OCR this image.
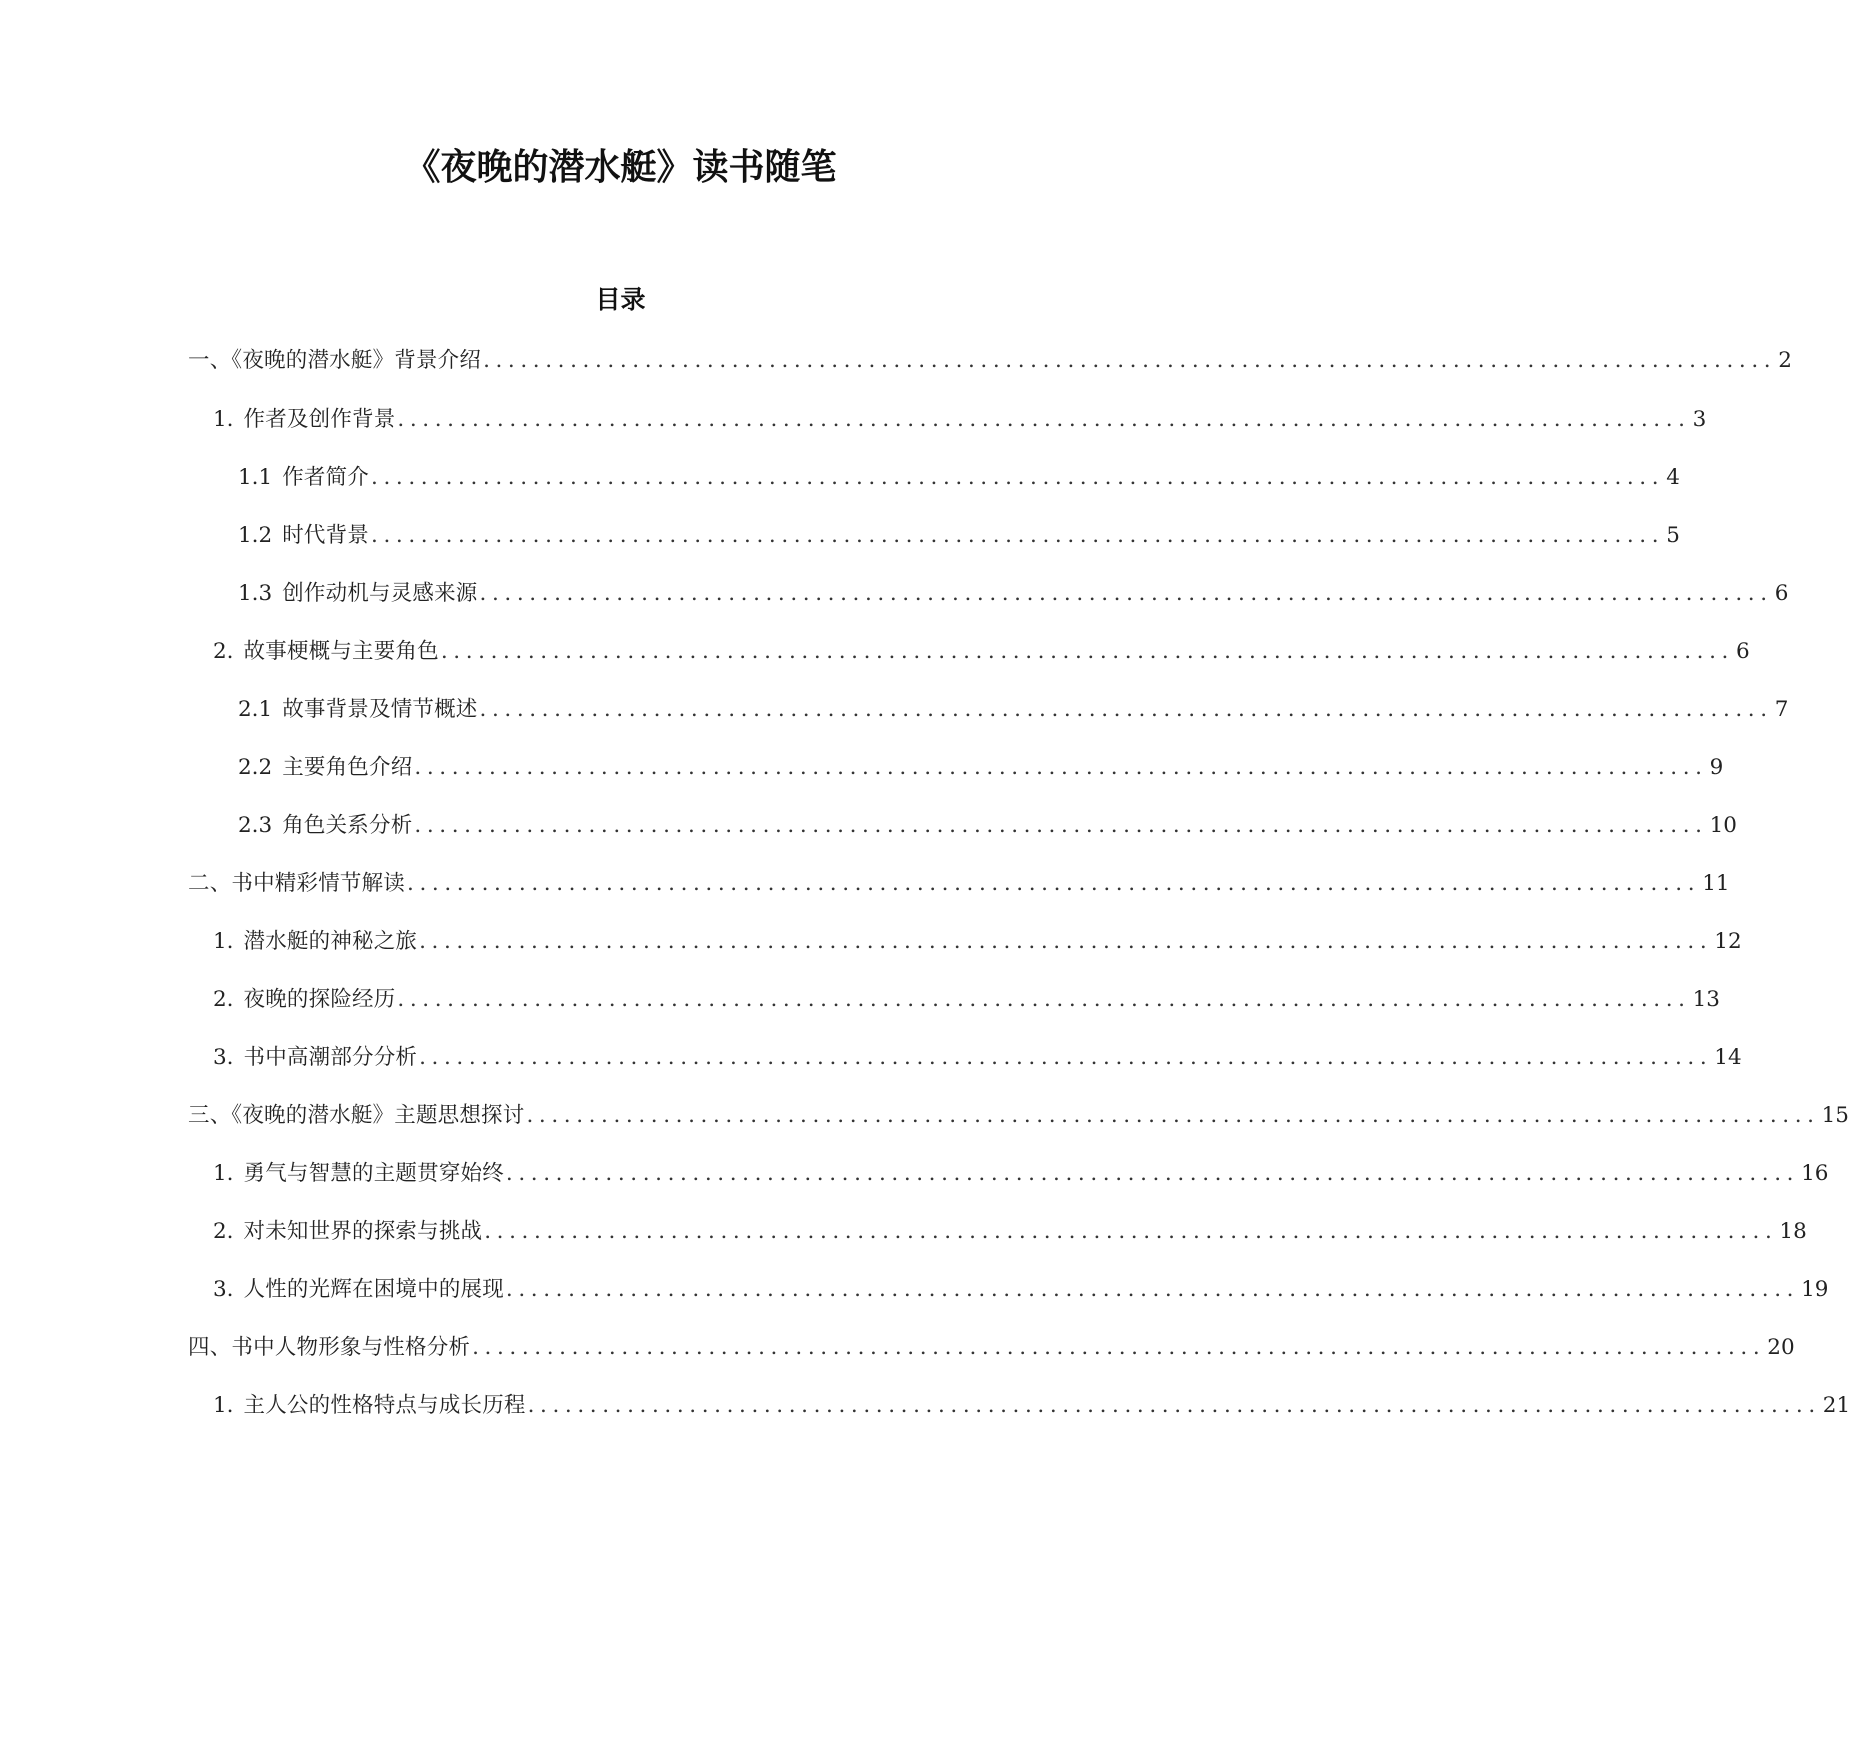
《夜晚的潜水艇》读书随笔
目录
一、《夜晚的潜水艇》背景介绍 ........................................................................................................ 2
1. 作者及创作背景 ........................................................................................................ 3
1.1 作者简介 ........................................................................................................ 4
1.2 时代背景 ........................................................................................................ 5
1.3 创作动机与灵感来源 ........................................................................................................ 6
2. 故事梗概与主要角色 ........................................................................................................ 6
2.1 故事背景及情节概述 ........................................................................................................ 7
2.2 主要角色介绍 ........................................................................................................ 9
2.3 角色关系分析 ........................................................................................................ 10
二、书中精彩情节解读 ........................................................................................................ 11
1. 潜水艇的神秘之旅 ........................................................................................................ 12
2. 夜晚的探险经历 ........................................................................................................ 13
3. 书中高潮部分分析 ........................................................................................................ 14
三、《夜晚的潜水艇》主题思想探讨 ........................................................................................................ 15
1. 勇气与智慧的主题贯穿始终 ........................................................................................................ 16
2. 对未知世界的探索与挑战 ........................................................................................................ 18
3. 人性的光辉在困境中的展现 ........................................................................................................ 19
四、书中人物形象与性格分析 ........................................................................................................ 20
1. 主人公的性格特点与成长历程 ........................................................................................................ 21
